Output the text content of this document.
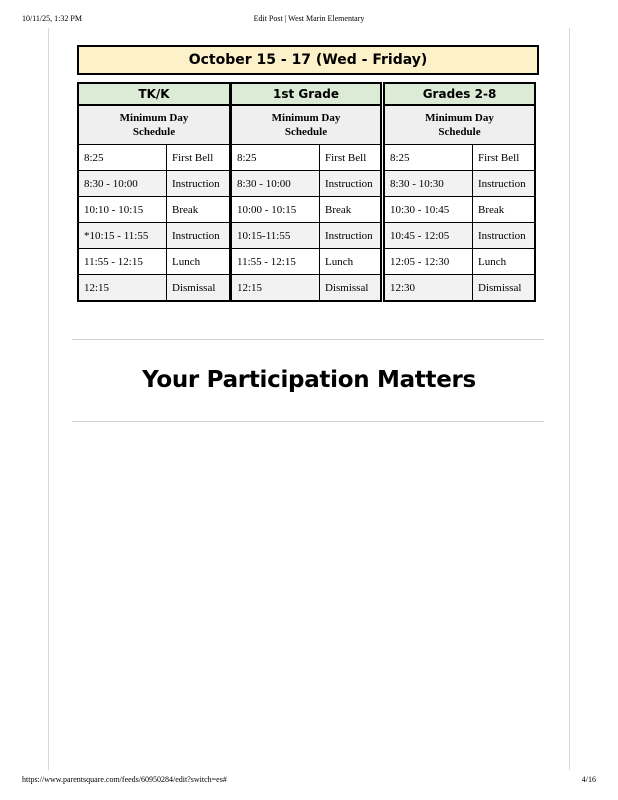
10/11/25, 1:32 PM	Edit Post | West Marin Elementary
October 15 - 17 (Wed - Friday)
TK/K
Minimum Day
Schedule
8:25	First Bell
8:30 - 10:00	Instruction
10:10 - 10:15	Break
*10:15 - 11:55	Instruction
11:55 - 12:15	Lunch
12:15	Dismissal
1st Grade
Minimum Day
Schedule
8:25	First Bell
8:30 - 10:00	Instruction
10:00 - 10:15	Break
10:15-11:55	Instruction
11:55 - 12:15	Lunch
12:15	Dismissal
Grades 2-8
Minimum Day
Schedule
8:25	First Bell
8:30 - 10:30	Instruction
10:30 - 10:45	Break
10:45 - 12:05	Instruction
12:05 - 12:30	Lunch
12:30	Dismissal
Your Participation Matters
https://www.parentsquare.com/feeds/60950284/edit?switch=es#	4/16
